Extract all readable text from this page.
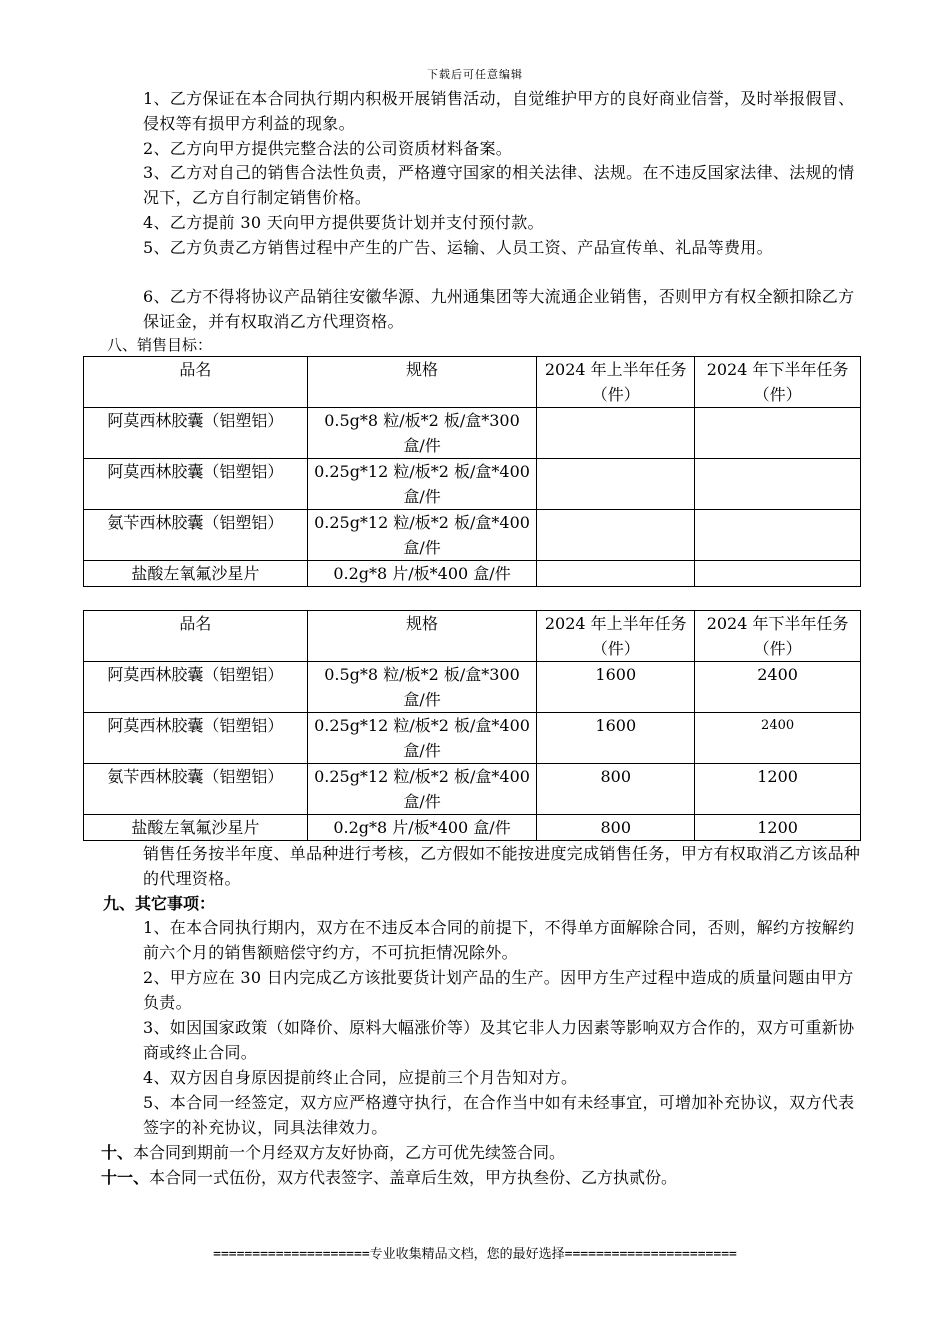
下载后可任意编辑
1、乙方保证在本合同执行期内积极开展销售活动，自觉维护甲方的良好商业信誉，及时举报假冒、侵权等有损甲方利益的现象。
2、乙方向甲方提供完整合法的公司资质材料备案。
3、乙方对自己的销售合法性负责，严格遵守国家的相关法律、法规。在不违反国家法律、法规的情况下，乙方自行制定销售价格。
4、乙方提前 30 天向甲方提供要货计划并支付预付款。
5、乙方负责乙方销售过程中产生的广告、运输、人员工资、产品宣传单、礼品等费用。
6、乙方不得将协议产品销往安徽华源、九州通集团等大流通企业销售，否则甲方有权全额扣除乙方保证金，并有权取消乙方代理资格。
八、销售目标：
品名	规格	2024 年上半年任务（件）	2024 年下半年任务（件）
阿莫西林胶囊（铝塑铝）	0.5g*8 粒/板*2 板/盒*300 盒/件		
阿莫西林胶囊（铝塑铝）	0.25g*12 粒/板*2 板/盒*400 盒/件		
氨苄西林胶囊（铝塑铝）	0.25g*12 粒/板*2 板/盒*400 盒/件		
盐酸左氧氟沙星片	0.2g*8 片/板*400 盒/件		
品名	规格	2024 年上半年任务（件）	2024 年下半年任务（件）
阿莫西林胶囊（铝塑铝）	0.5g*8 粒/板*2 板/盒*300 盒/件	1600	2400
阿莫西林胶囊（铝塑铝）	0.25g*12 粒/板*2 板/盒*400 盒/件	1600	2400
氨苄西林胶囊（铝塑铝）	0.25g*12 粒/板*2 板/盒*400 盒/件	800	1200
盐酸左氧氟沙星片	0.2g*8 片/板*400 盒/件	800	1200
销售任务按半年度、单品种进行考核，乙方假如不能按进度完成销售任务，甲方有权取消乙方该品种的代理资格。
九、其它事项：
1、在本合同执行期内，双方在不违反本合同的前提下，不得单方面解除合同，否则，解约方按解约前六个月的销售额赔偿守约方，不可抗拒情况除外。
2、甲方应在 30 日内完成乙方该批要货计划产品的生产。因甲方生产过程中造成的质量问题由甲方负责。
3、如因国家政策（如降价、原料大幅涨价等）及其它非人力因素等影响双方合作的，双方可重新协商或终止合同。
4、双方因自身原因提前终止合同，应提前三个月告知对方。
5、本合同一经签定，双方应严格遵守执行，在合作当中如有未经事宜，可增加补充协议，双方代表签字的补充协议，同具法律效力。
十、本合同到期前一个月经双方友好协商，乙方可优先续签合同。
十一、本合同一式伍份，双方代表签字、盖章后生效，甲方执叁份、乙方执贰份。
====================专业收集精品文档，您的最好选择======================
